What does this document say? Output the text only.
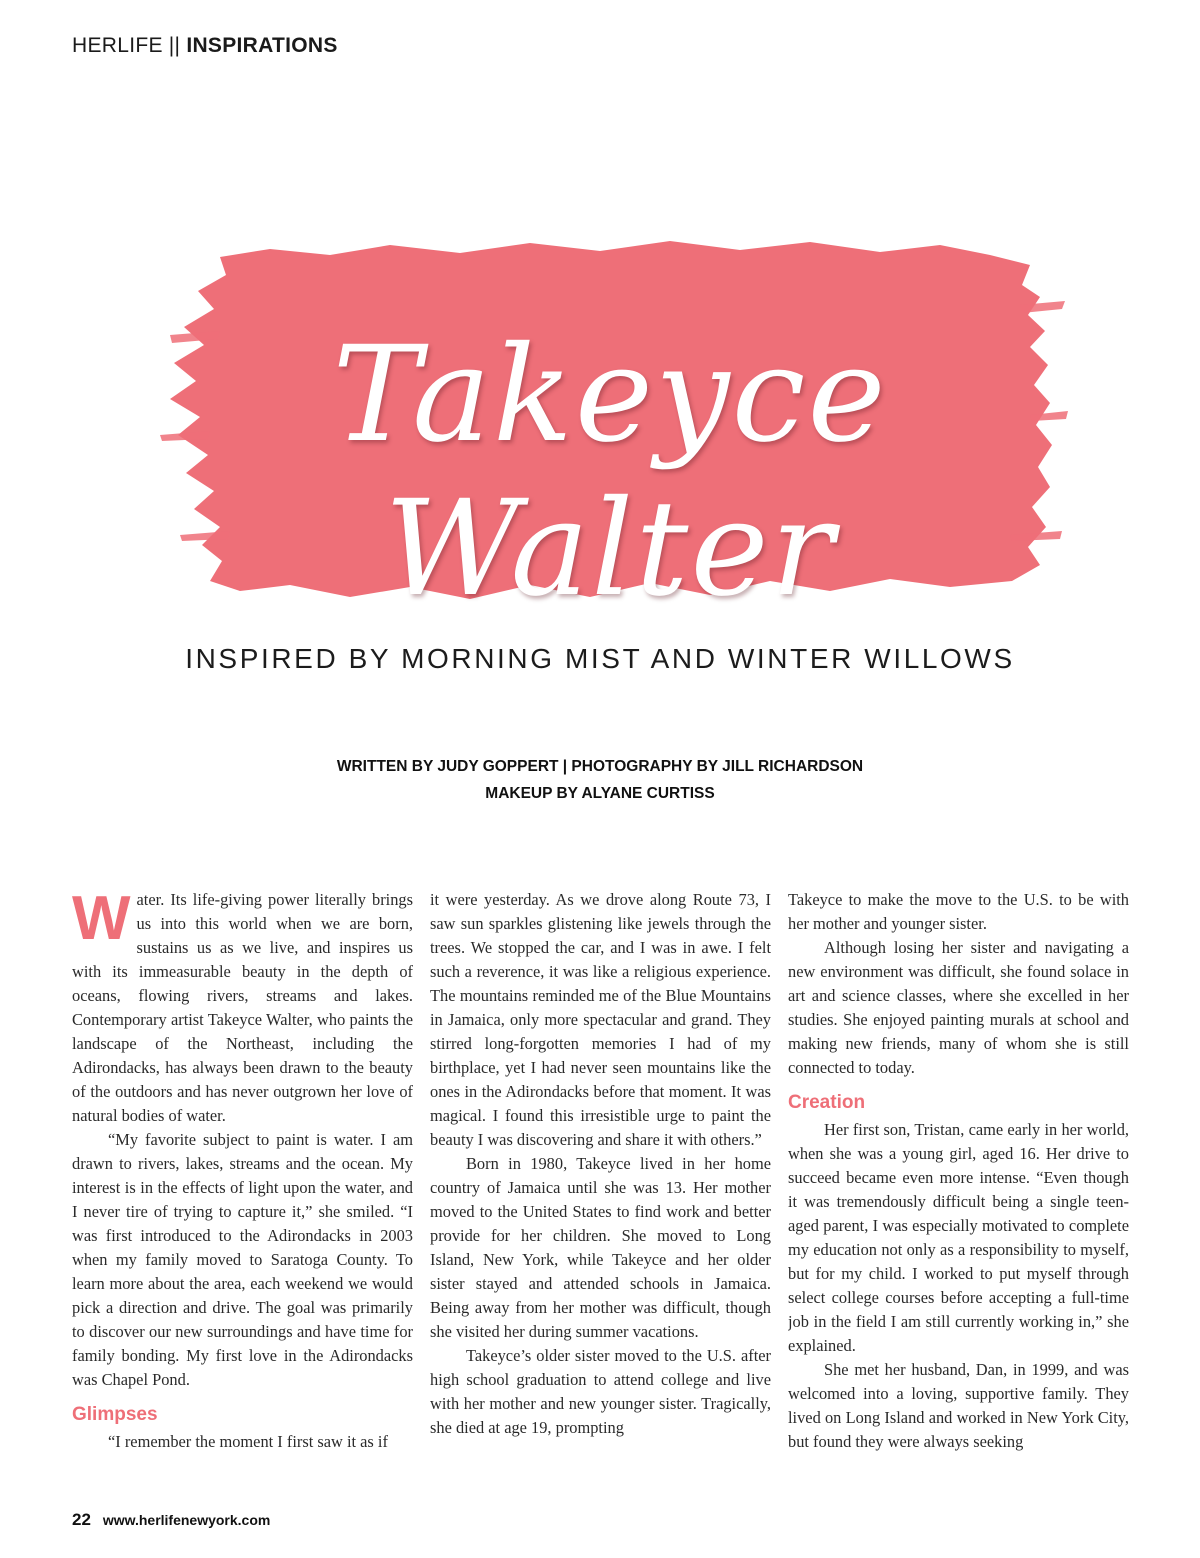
HERLIFE || INSPIRATIONS
Takeyce Walter
INSPIRED BY MORNING MIST AND WINTER WILLOWS
WRITTEN BY JUDY GOPPERT | PHOTOGRAPHY BY JILL RICHARDSON
MAKEUP BY ALYANE CURTISS

Water. Its life-giving power literally brings us into this world when we are born, sustains us as we live, and inspires us with its immeasurable beauty in the depth of oceans, flowing rivers, streams and lakes. Contemporary artist Takeyce Walter, who paints the landscape of the Northeast, including the Adirondacks, has always been drawn to the beauty of the outdoors and has never outgrown her love of natural bodies of water.

“My favorite subject to paint is water. I am drawn to rivers, lakes, streams and the ocean. My interest is in the effects of light upon the water, and I never tire of trying to capture it,” she smiled. “I was first introduced to the Adirondacks in 2003 when my family moved to Saratoga County. To learn more about the area, each weekend we would pick a direction and drive. The goal was primarily to discover our new surroundings and have time for family bonding. My first love in the Adirondacks was Chapel Pond.

Glimpses

“I remember the moment I first saw it as if

it were yesterday. As we drove along Route 73, I saw sun sparkles glistening like jewels through the trees. We stopped the car, and I was in awe. I felt such a reverence, it was like a religious experience. The mountains reminded me of the Blue Mountains in Jamaica, only more spectacular and grand. They stirred long-forgotten memories I had of my birthplace, yet I had never seen mountains like the ones in the Adirondacks before that moment. It was magical. I found this irresistible urge to paint the beauty I was discovering and share it with others.”

Born in 1980, Takeyce lived in her home country of Jamaica until she was 13. Her mother moved to the United States to find work and better provide for her children. She moved to Long Island, New York, while Takeyce and her older sister stayed and attended schools in Jamaica. Being away from her mother was difficult, though she visited her during summer vacations.

Takeyce’s older sister moved to the U.S. after high school graduation to attend college and live with her mother and new younger sister. Tragically, she died at age 19, prompting

Takeyce to make the move to the U.S. to be with her mother and younger sister.

Although losing her sister and navigating a new environment was difficult, she found solace in art and science classes, where she excelled in her studies. She enjoyed painting murals at school and making new friends, many of whom she is still connected to today.

Creation

Her first son, Tristan, came early in her world, when she was a young girl, aged 16. Her drive to succeed became even more intense. “Even though it was tremendously difficult being a single teen-aged parent, I was especially motivated to complete my education not only as a responsibility to myself, but for my child. I worked to put myself through select college courses before accepting a full-time job in the field I am still currently working in,” she explained.

She met her husband, Dan, in 1999, and was welcomed into a loving, supportive family. They lived on Long Island and worked in New York City, but found they were always seeking

22 www.herlifenewyork.com
